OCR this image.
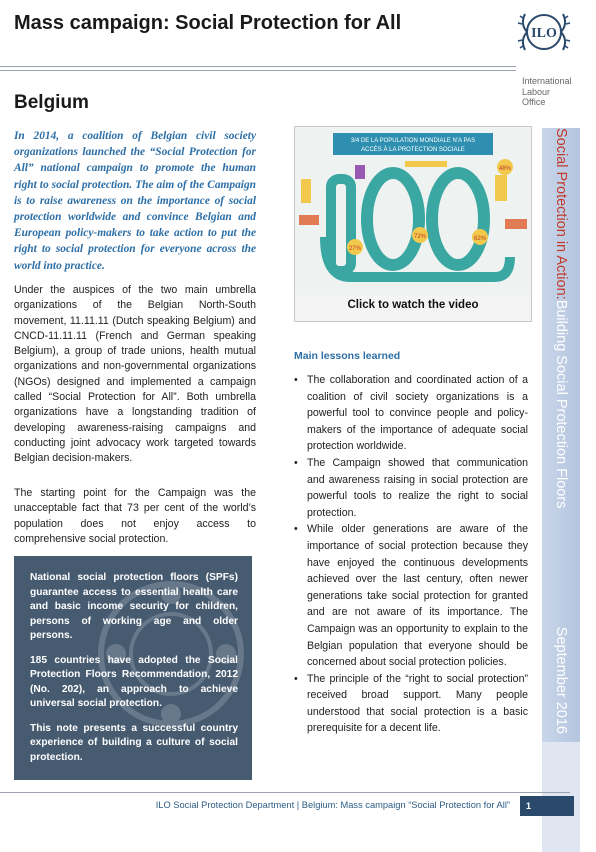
Mass campaign: Social Protection for All	ILO
International
Labour
Office
Belgium
In 2014, a coalition of Belgian civil society organizations launched the “Social Protection for All” national campaign to promote the human right to social protection. The aim of the Campaign is to raise awareness on the importance of social protection worldwide and convince Belgian and European policy-makers to take action to put the right to social protection for everyone across the world into practice.
Under the auspices of the two main umbrella organizations of the Belgian North-South movement, 11.11.11 (Dutch speaking Belgium) and CNCD-11.11.11 (French and German speaking Belgium), a group of trade unions, health mutual organizations and non-governmental organizations (NGOs) designed and implemented a campaign called “Social Protection for All”. Both umbrella organizations have a longstanding tradition of developing awareness-raising campaigns and conducting joint advocacy work targeted towards Belgian decision-makers.
The starting point for the Campaign was the unacceptable fact that 73 per cent of the world’s population does not enjoy access to comprehensive social protection.

National social protection floors (SPFs) guarantee access to essential health care and basic income security for children, persons of working age and older persons.

185 countries have adopted the Social Protection Floors Recommendation, 2012 (No. 202), an approach to achieve universal social protection.

This note presents a successful country experience of building a culture of social protection.

3/4 DE LA POPULATION MONDIALE N’A PAS
ACCÈS À LA PROTECTION SOCIALE
48%
27%
72%	62%
Click to watch the video
Main lessons learned
• The collaboration and coordinated action of a coalition of civil society organizations is a powerful tool to convince people and policy-makers of the importance of adequate social protection worldwide.
• The Campaign showed that communication and awareness raising in social protection are powerful tools to realize the right to social protection.
• While older generations are aware of the importance of social protection because they have enjoyed the continuous developments achieved over the last century, often newer generations take social protection for granted and are not aware of its importance. The Campaign was an opportunity to explain to the Belgian population that everyone should be concerned about social protection policies.
• The principle of the “right to social protection” received broad support. Many people understood that social protection is a basic prerequisite for a decent life.
Social Protection in Action:
Building Social Protection Floors
September 2016
ILO Social Protection Department | Belgium: Mass campaign “Social Protection for All”	1
